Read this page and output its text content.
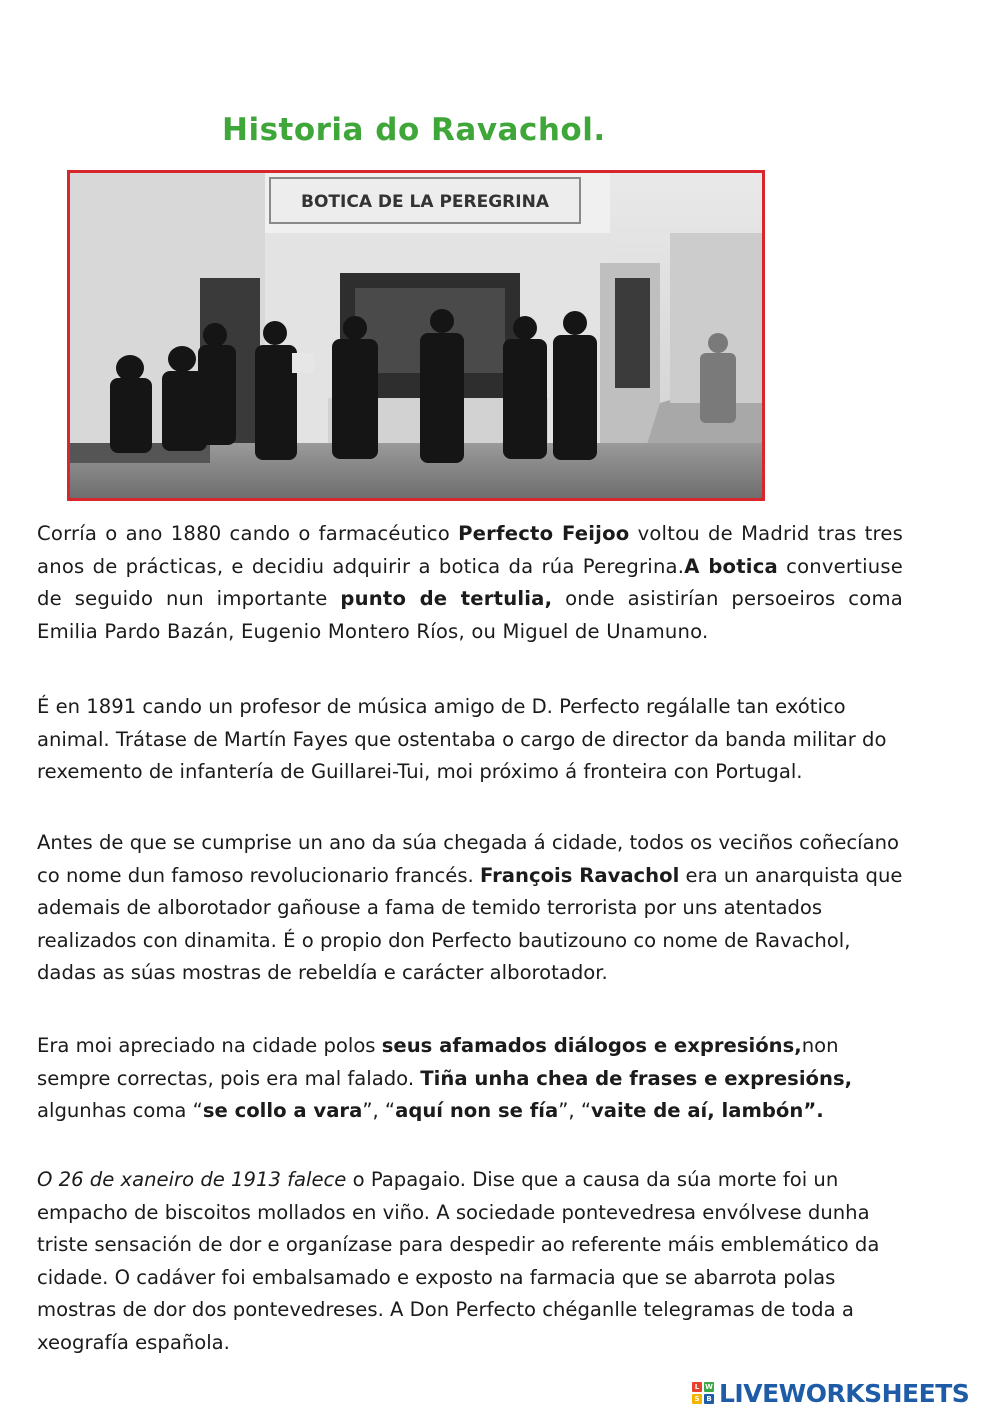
Historia do Ravachol.
BOTICA DE LA PEREGRINA

Corría o ano 1880 cando o farmacéutico Perfecto Feijoo voltou de Madrid tras tres anos de prácticas, e decidiu adquirir a botica da rúa Peregrina.A botica convertiuse de seguido nun importante punto de tertulia, onde asistirían persoeiros coma Emilia Pardo Bazán, Eugenio Montero Ríos, ou Miguel de Unamuno.

É en 1891 cando un profesor de música amigo de D. Perfecto regálalle tan exótico animal. Trátase de Martín Fayes que ostentaba o cargo de director da banda militar do rexemento de infantería de Guillarei-Tui, moi próximo á fronteira con Portugal.

Antes de que se cumprise un ano da súa chegada á cidade, todos os veciños coñecíano co nome dun famoso revolucionario francés. François Ravachol era un anarquista que ademais de alborotador gañouse a fama de temido terrorista por uns atentados realizados con dinamita. É o propio don Perfecto bautizouno co nome de Ravachol, dadas as súas mostras de rebeldía e carácter alborotador.

Era moi apreciado na cidade polos seus afamados diálogos e expresións,non sempre correctas, pois era mal falado. Tiña unha chea de frases e expresións, algunhas coma “se collo a vara”, “aquí non se fía”, “vaite de aí, lambón”.

O 26 de xaneiro de 1913 falece o Papagaio. Dise que a causa da súa morte foi un empacho de biscoitos mollados en viño. A sociedade pontevedresa envólvese dunha triste sensación de dor e organízase para despedir ao referente máis emblemático da cidade. O cadáver foi embalsamado e exposto na farmacia que se abarrota polas mostras de dor dos pontevedreses. A Don Perfecto chéganlle telegramas de toda a xeografía española.

L W
S B LIVEWORKSHEETS
